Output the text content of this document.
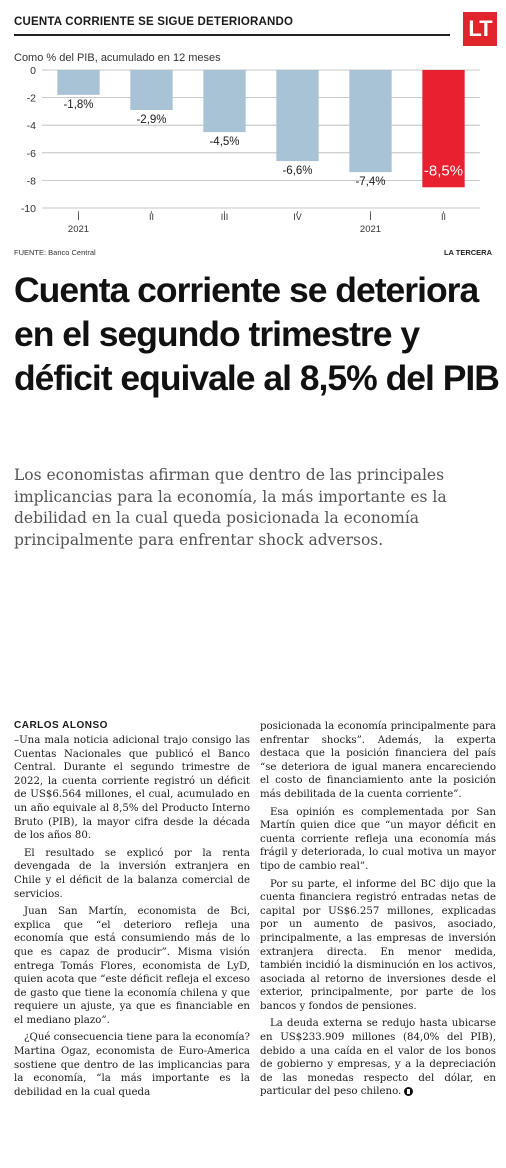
CUENTA CORRIENTE SE SIGUE DETERIORANDO	LT
Como % del PIB, acumulado en 12 meses
0
-2
-4
-6
-8
-10
-1,8%
I
-2,9%
II
-4,5%
III
-6,6%
IV
-7,4%
I
-8,5%
II
2021	2021
FUENTE: Banco Central	LA TERCERA
Cuenta corriente se deteriora en el segundo trimestre y déficit equivale al 8,5% del PIB

Los economistas afirman que dentro de las principales implicancias para la economía, la más importante es la debilidad en la cual queda posicionada la economía principalmente para enfrentar shock adversos.

CARLOS ALONSO

–Una mala noticia adicional trajo consigo las Cuentas Nacionales que publicó el Banco Central. Durante el segundo trimestre de 2022, la cuenta corriente registró un déficit de US$6.564 millones, el cual, acumulado en un año equivale al 8,5% del Producto Interno Bruto (PIB), la mayor cifra desde la década de los años 80.

El resultado se explicó por la renta devengada de la inversión extranjera en Chile y el déficit de la balanza comercial de servicios.

Juan San Martín, economista de Bci, explica que “el deterioro refleja una economía que está consumiendo más de lo que es capaz de producir”. Misma visión entrega Tomás Flores, economista de LyD, quien acota que “este déficit refleja el exceso de gasto que tiene la economía chilena y que requiere un ajuste, ya que es financiable en el mediano plazo”.

¿Qué consecuencia tiene para la economía? Martina Ogaz, economista de Euro-America sostiene que dentro de las implicancias para la economía, “la más importante es la debilidad en la cual queda

posicionada la economía principalmente para enfrentar shocks”. Además, la experta destaca que la posición financiera del país “se deteriora de igual manera encareciendo el costo de financiamiento ante la posición más debilitada de la cuenta corriente”.

Esa opinión es complementada por San Martín quien dice que “un mayor déficit en cuenta corriente refleja una economía más frágil y deteriorada, lo cual motiva un mayor tipo de cambio real”.

Por su parte, el informe del BC dijo que la cuenta financiera registró entradas netas de capital por US$6.257 millones, explicadas por un aumento de pasivos, asociado, principalmente, a las empresas de inversión extranjera directa. En menor medida, también incidió la disminución en los activos, asociada al retorno de inversiones desde el exterior, principalmente, por parte de los bancos y fondos de pensiones.

La deuda externa se redujo hasta ubicarse en US$233.909 millones (84,0% del PIB), debido a una caída en el valor de los bonos de gobierno y empresas, y a la depreciación de las monedas respecto del dólar, en particular del peso chileno.
